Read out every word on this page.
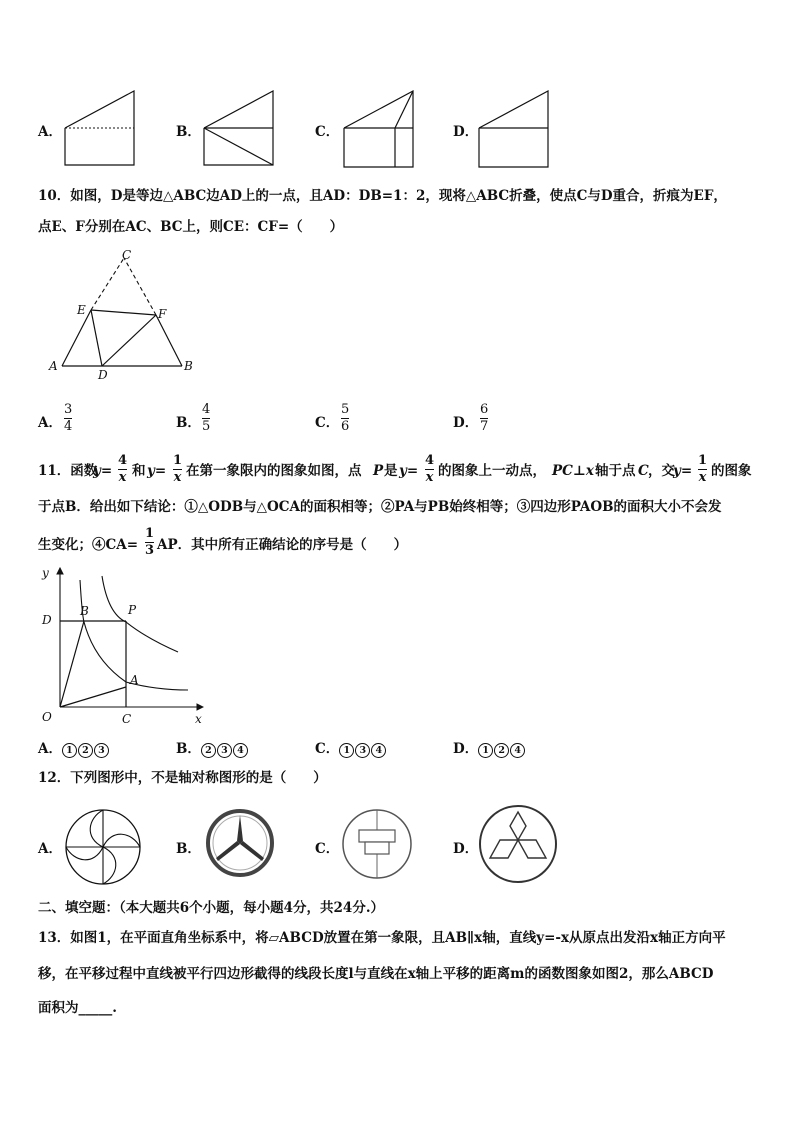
A．	B．	C．	D．
10．如图，D是等边△ABC边AD上的一点，且AD：DB=1：2，现将△ABC折叠，使点C与D重合，折痕为EF，
点E、F分别在AC、BC上，则CE：CF=（　　）
C
E	F
A
D
B
A．
3
4	B．
4
5	C．
5
6	D．
6
7
11．函数
y=
4
x 和 y=
1
x 在第一象限内的图象如图，点 P 是 y=
4
x 的图象上一动点， PC⊥x 轴于点 C ，交
y=
1
x 的图象
于点B．给出如下结论：①△ODB与△OCA的面积相等；②PA与PB始终相等；③四边形PAOB的面积大小不会发
生变化；④CA=
1
3 AP．其中所有正确结论的序号是（　　）
y
D
B	P
A
O	C	x
A． 1 2 3	B． 2 3 4	C． 1 3 4	D． 1 2 4
12．下列图形中，不是轴对称图形的是（　　）
A．	B．	C．	D．
二、填空题：（本大题共6个小题，每小题4分，共24分.）
13．如图1，在平面直角坐标系中，将▱ABCD放置在第一象限，且AB∥x轴，直线y=-x从原点出发沿x轴正方向平
移，在平移过程中直线被平行四边形截得的线段长度l与直线在x轴上平移的距离m的函数图象如图2，那么ABCD
面积为_____.
